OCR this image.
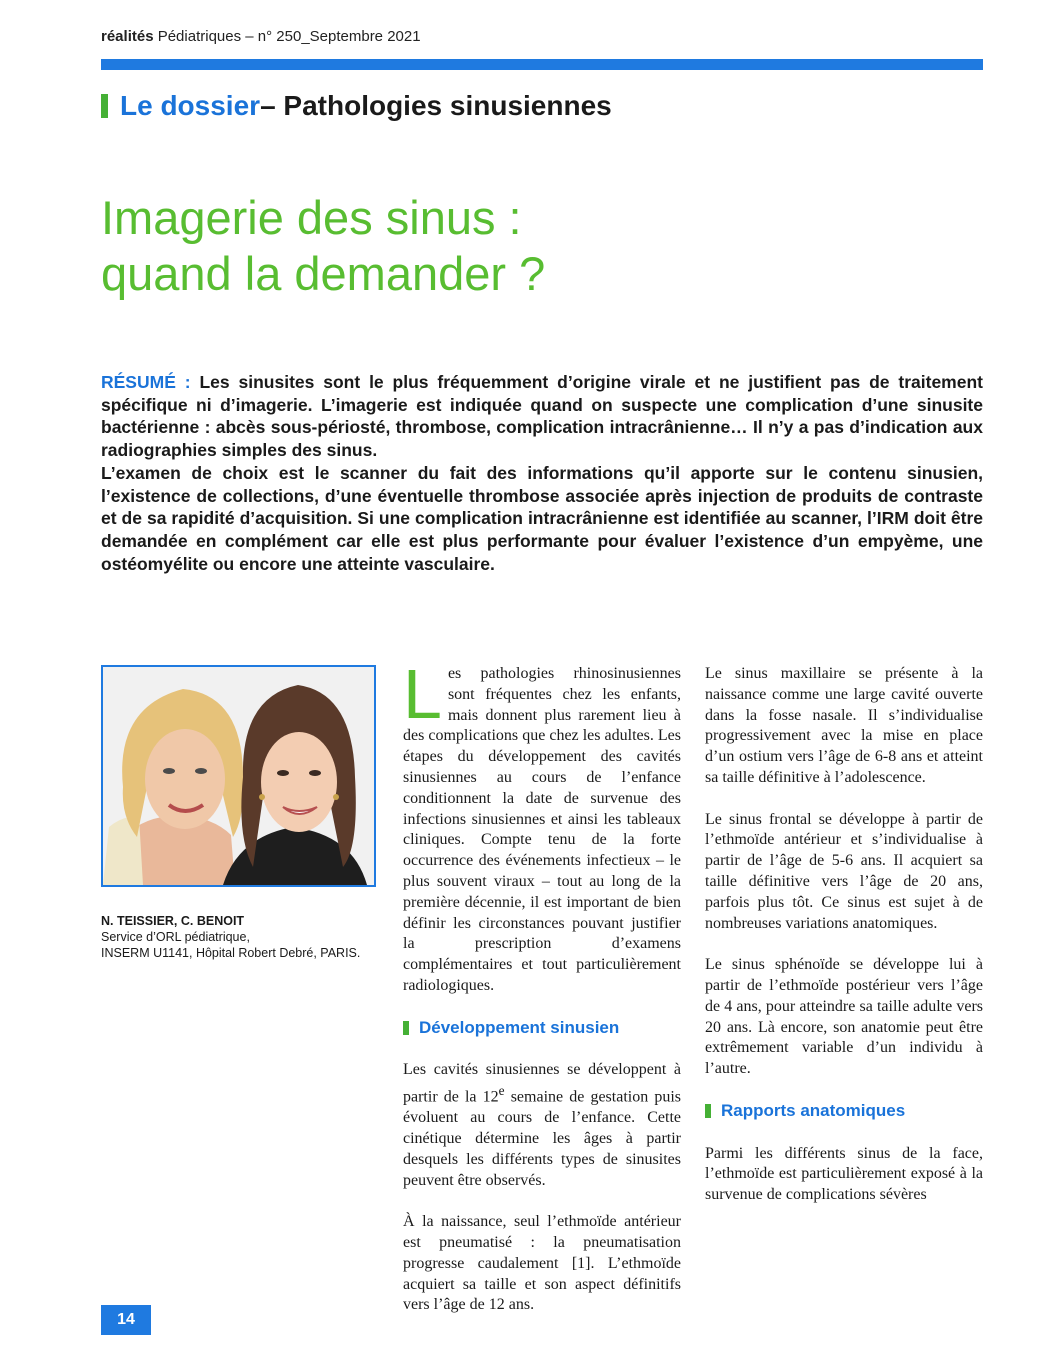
réalités Pédiatriques – n° 250_Septembre 2021
Le dossier – Pathologies sinusiennes
Imagerie des sinus :
quand la demander ?

RÉSUMÉ : Les sinusites sont le plus fréquemment d’origine virale et ne justifient pas de traitement spécifique ni d’imagerie. L’imagerie est indiquée quand on suspecte une complication d’une sinusite bactérienne : abcès sous-périosté, thrombose, complication intracrânienne… Il n’y a pas d’indication aux radiographies simples des sinus.

L’examen de choix est le scanner du fait des informations qu’il apporte sur le contenu sinusien, l’existence de collections, d’une éventuelle thrombose associée après injection de produits de contraste et de sa rapidité d’acquisition. Si une complication intracrânienne est identifiée au scanner, l’IRM doit être demandée en complément car elle est plus performante pour évaluer l’existence d’un empyème, une ostéomyélite ou encore une atteinte vasculaire.

N. TEISSIER, C. BENOIT
Service d’ORL pédiatrique,
INSERM U1141, Hôpital Robert Debré, PARIS.

Les pathologies rhinosinusiennes sont fréquentes chez les enfants, mais donnent plus rarement lieu à des complications que chez les adultes. Les étapes du développement des cavités sinusiennes au cours de l’enfance conditionnent la date de survenue des infections sinusiennes et ainsi les tableaux cliniques. Compte tenu de la forte occurrence des événements infectieux – le plus souvent viraux – tout au long de la première décennie, il est important de bien définir les circonstances pouvant justifier la prescription d’examens complémentaires et tout particulièrement radiologiques.

Développement sinusien

Les cavités sinusiennes se développent à partir de la 12e semaine de gestation puis évoluent au cours de l’enfance. Cette cinétique détermine les âges à partir desquels les différents types de sinusites peuvent être observés.

À la naissance, seul l’ethmoïde antérieur est pneumatisé : la pneumatisation progresse caudalement [1]. L’ethmoïde acquiert sa taille et son aspect définitifs vers l’âge de 12 ans.

Le sinus maxillaire se présente à la naissance comme une large cavité ouverte dans la fosse nasale. Il s’individualise progressivement avec la mise en place d’un ostium vers l’âge de 6-8 ans et atteint sa taille définitive à l’adolescence.

Le sinus frontal se développe à partir de l’ethmoïde antérieur et s’individualise à partir de l’âge de 5-6 ans. Il acquiert sa taille définitive vers l’âge de 20 ans, parfois plus tôt. Ce sinus est sujet à de nombreuses variations anatomiques.

Le sinus sphénoïde se développe lui à partir de l’ethmoïde postérieur vers l’âge de 4 ans, pour atteindre sa taille adulte vers 20 ans. Là encore, son anatomie peut être extrêmement variable d’un individu à l’autre.

Rapports anatomiques

Parmi les différents sinus de la face, l’ethmoïde est particulièrement exposé à la survenue de complications sévères

14
